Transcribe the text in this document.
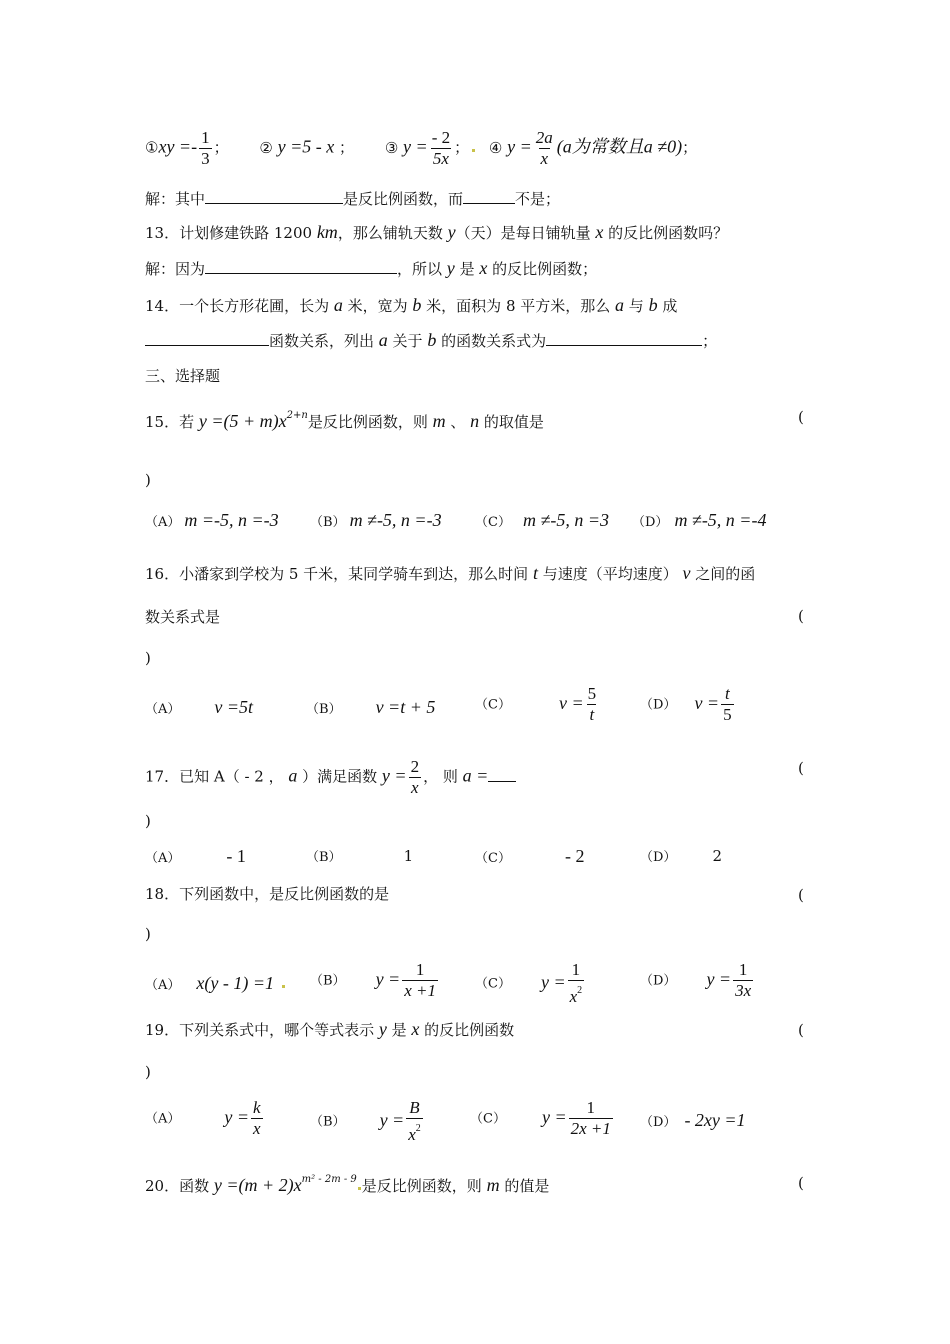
①xy =- $\frac{1}{3}$ ； ② y =5 - x ； ③ $y = \frac{- 2}{5x}$ ； ④ $y = \frac{2a}{x} (a$为常数且a ≠0)；
解：其中	是反比例函数，而	不是；
13．计划修建铁路 1200 km，那么铺轨天数 y（天）是每日铺轨量 x 的反比例函数吗？
解：因为	，所以 y 是 x 的反比例函数；
14．一个长方形花圃，长为 a 米，宽为 b 米，面积为 8 平方米，那么 a 与 b 成
函数关系，列出 a 关于 b 的函数关系式为	；
三、选择题
15．若 $y =(5 + m)x^{2+n}$是反比例函数，则 m 、 n 的取值是	(
)
（A） m =-5, n =-3 （B） m ≠-5, n =-3	（C） m ≠-5, n =3 （D） m ≠-5, n =-4
16．小潘家到学校为 5 千米，某同学骑车到达，那么时间 t 与速度（平均速度） v 之间的函
数关系式是	(
)
（A） v =5t	（B） v =t + 5	（C）	$v = \frac{5}{t}$	（D） $v = \frac{t}{5}$
17．已知 A（ - 2 ， a ）满足函数 $y = \frac{2}{x}$ ， 则 a =	(
)
（A）	- 1	（B）	1	（C）	- 2	（D） 2
18．下列函数中，是反比例函数的是	(
)
（A） x(y - 1) =1	（B） $y = \frac{1}{x +1}$	（C） $y = \frac{1}{x^2}$	（D） $y = \frac{1}{3x}$
19．下列关系式中，哪个等式表示 y 是 x 的反比例函数	(
)
（A） $y = \frac{k}{x}$	（B） $y = \frac{B}{x^2}$	（C） $y = \frac{1}{2x +1} (D) - 2xy =1$
20．函数 $y =(m + 2)x^{m^2 - 2m - 9}$ 是反比例函数，则 m 的值是	(
